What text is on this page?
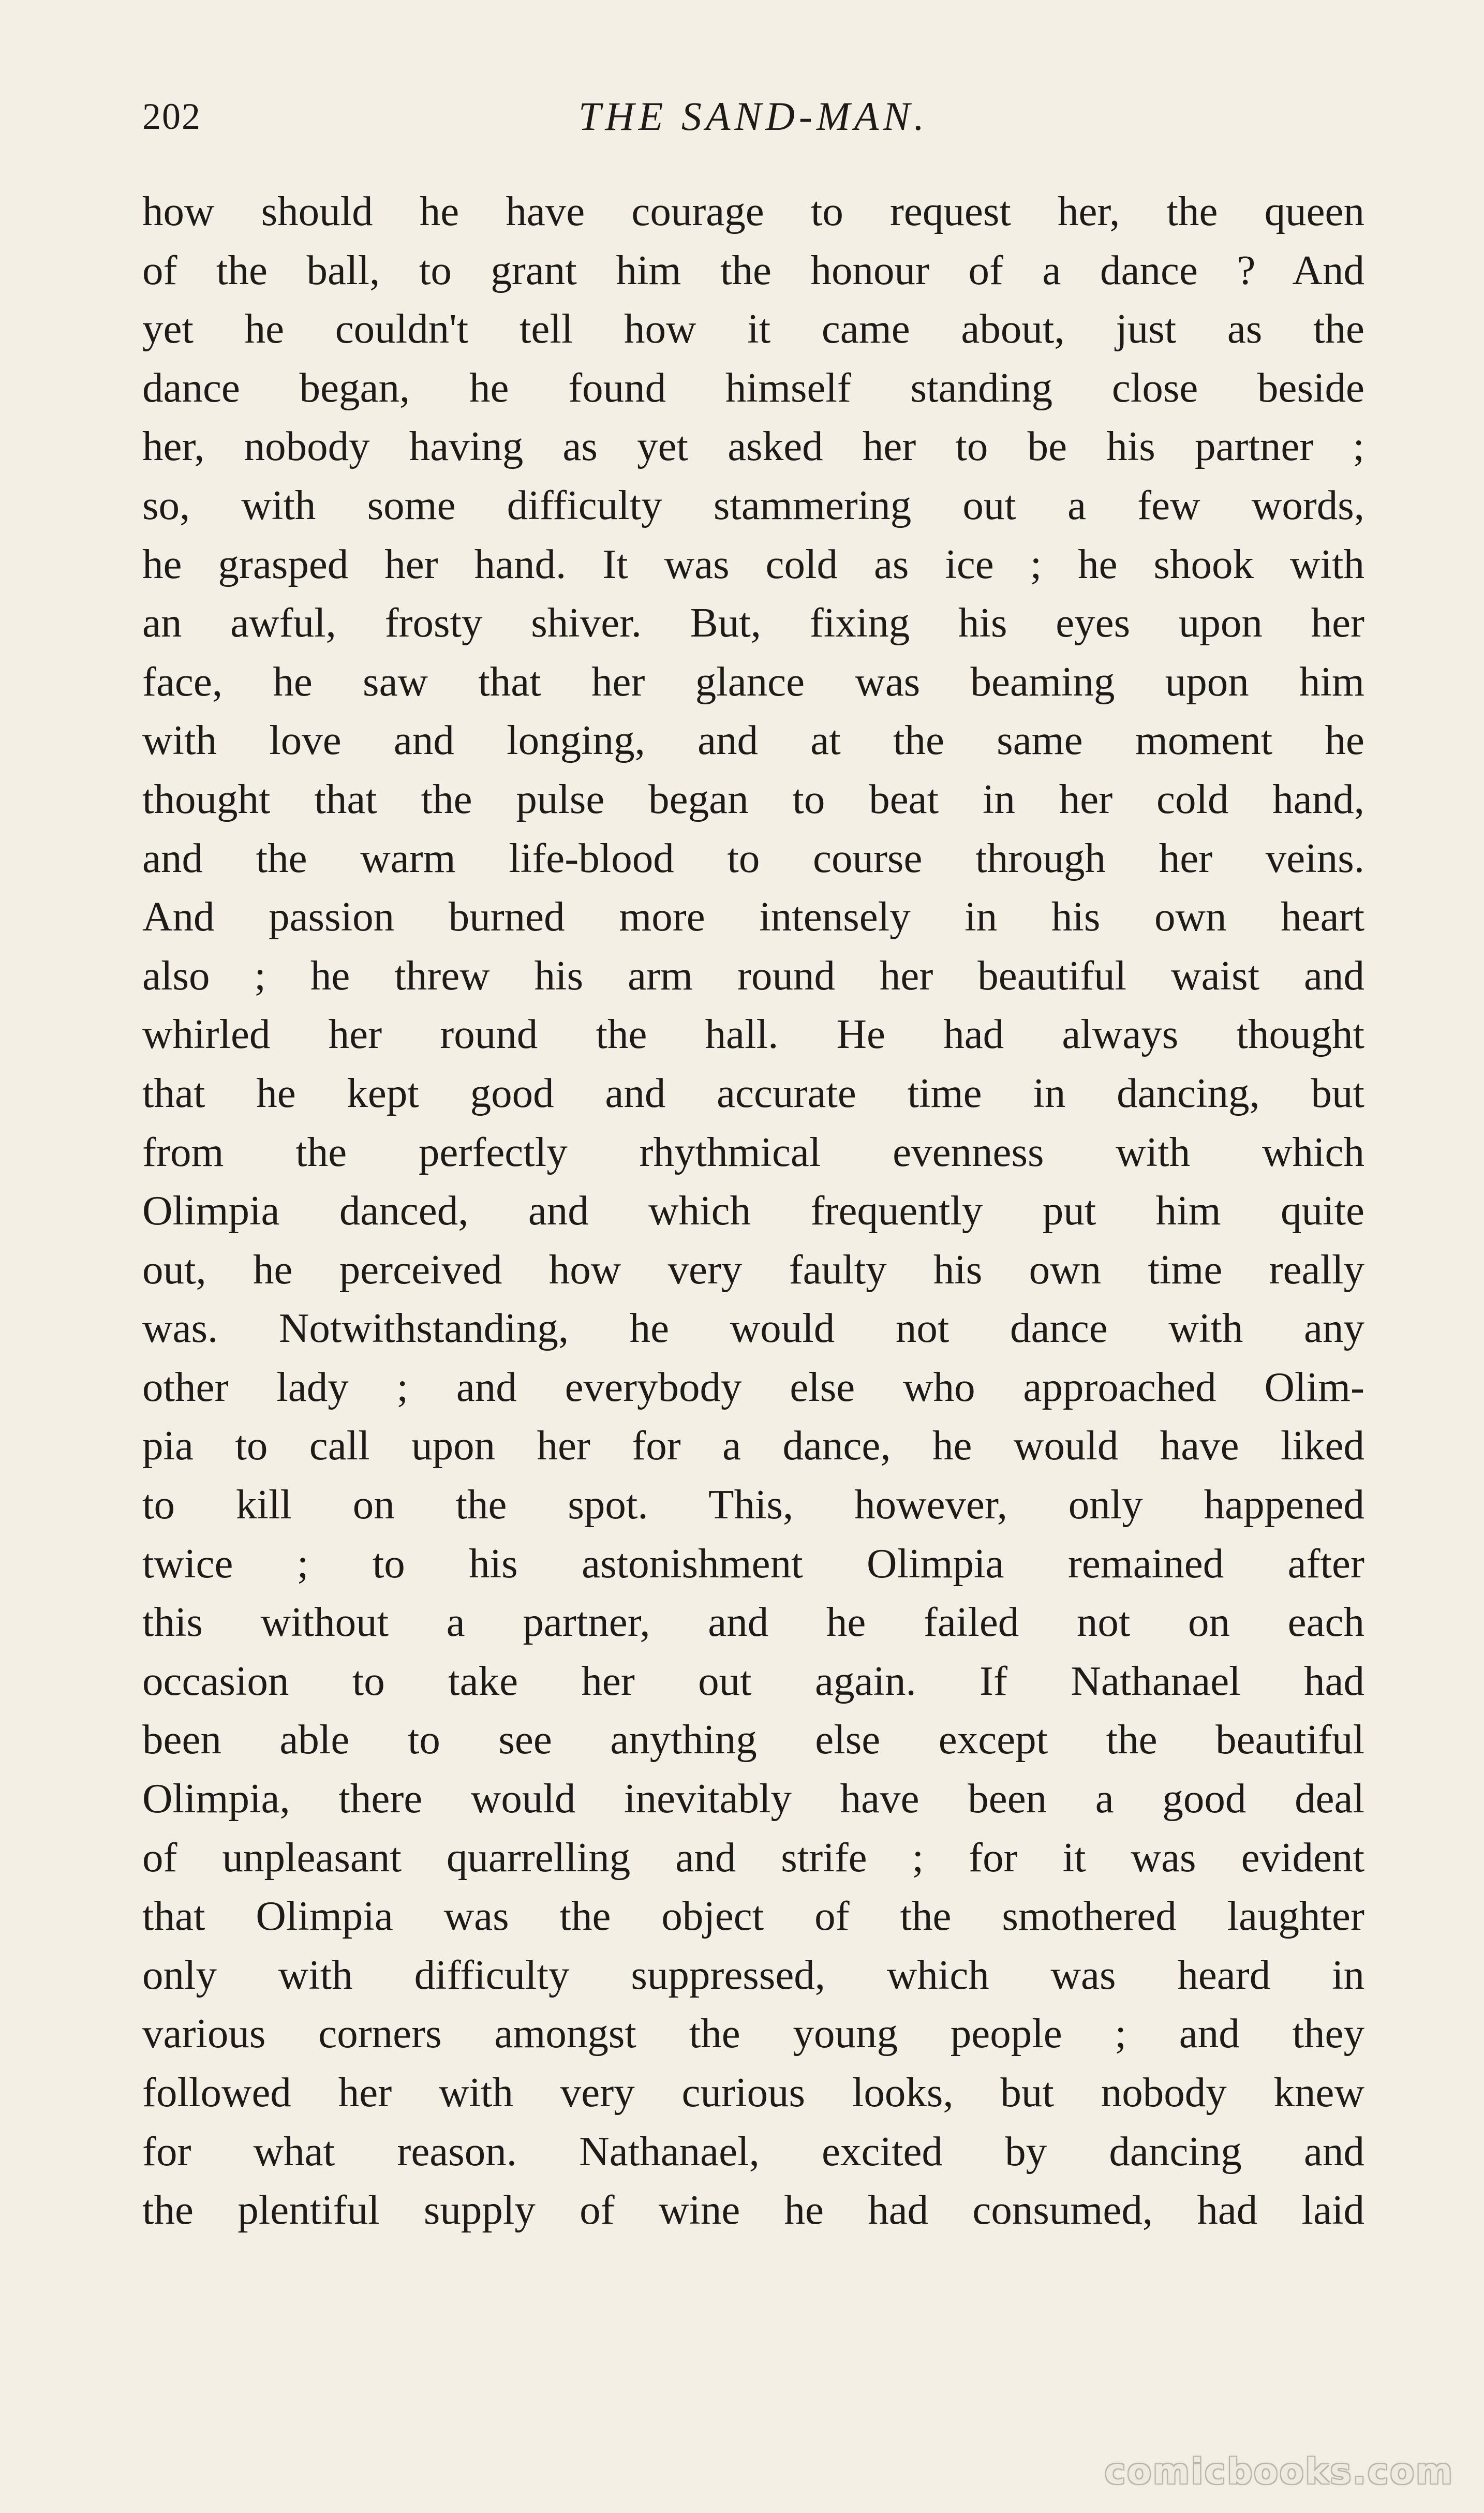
202	THE SAND-MAN.
how should he have courage to request her, the queen
of the ball, to grant him the honour of a dance ? And
yet he couldn't tell how it came about, just as the
dance began, he found himself standing close beside
her, nobody having as yet asked her to be his partner ;
so, with some difficulty stammering out a few words,
he grasped her hand. It was cold as ice ; he shook with
an awful, frosty shiver. But, fixing his eyes upon her
face, he saw that her glance was beaming upon him
with love and longing, and at the same moment he
thought that the pulse began to beat in her cold hand,
and the warm life-blood to course through her veins.
And passion burned more intensely in his own heart
also ; he threw his arm round her beautiful waist and
whirled her round the hall. He had always thought
that he kept good and accurate time in dancing, but
from the perfectly rhythmical evenness with which
Olimpia danced, and which frequently put him quite
out, he perceived how very faulty his own time really
was. Notwithstanding, he would not dance with any
other lady ; and everybody else who approached Olim-
pia to call upon her for a dance, he would have liked
to kill on the spot. This, however, only happened
twice ; to his astonishment Olimpia remained after
this without a partner, and he failed not on each
occasion to take her out again. If Nathanael had
been able to see anything else except the beautiful
Olimpia, there would inevitably have been a good deal
of unpleasant quarrelling and strife ; for it was evident
that Olimpia was the object of the smothered laughter
only with difficulty suppressed, which was heard in
various corners amongst the young people ; and they
followed her with very curious looks, but nobody knew
for what reason. Nathanael, excited by dancing and
the plentiful supply of wine he had consumed, had laid
comicbooks.com
